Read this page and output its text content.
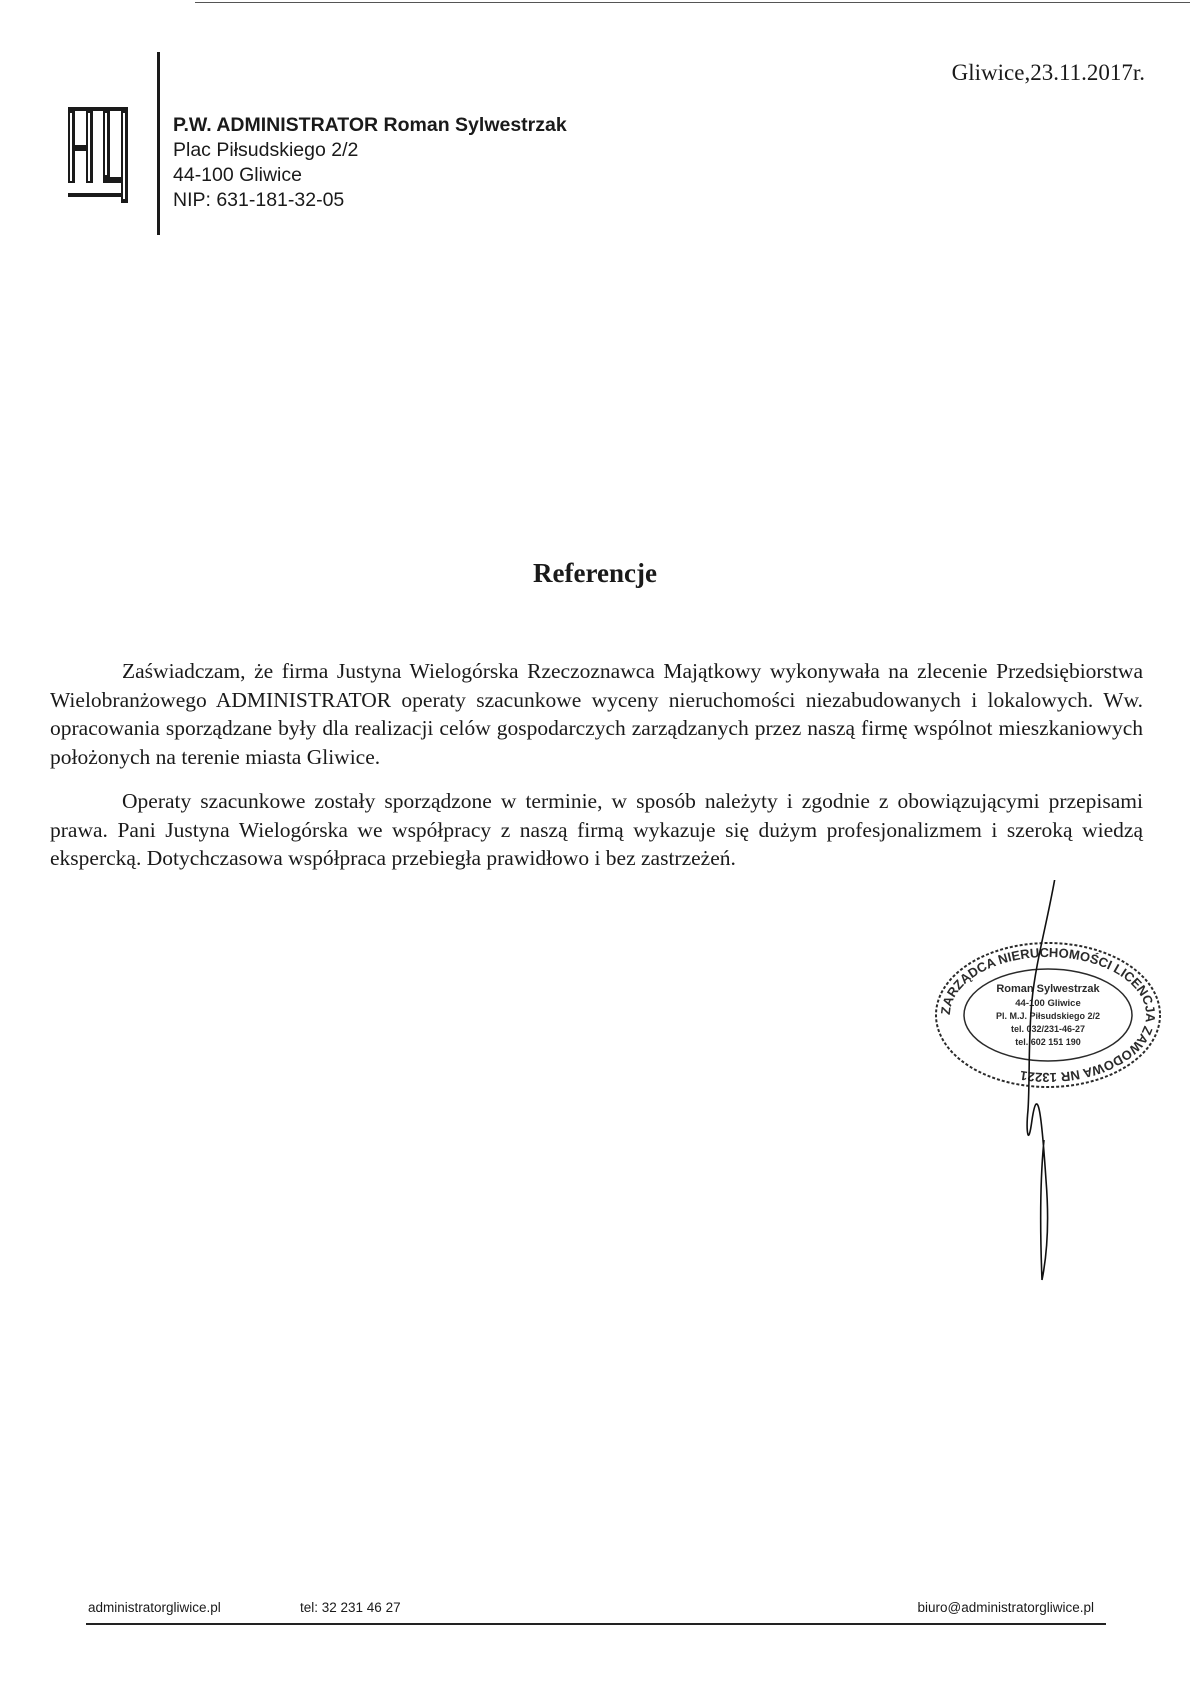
Gliwice,23.11.2017r.
P.W. ADMINISTRATOR Roman Sylwestrzak
Plac Piłsudskiego 2/2
44-100 Gliwice
NIP: 631-181-32-05
Referencje

Zaświadczam, że firma Justyna Wielogórska Rzeczoznawca Majątkowy wykonywała na zlecenie Przedsiębiorstwa Wielobranżowego ADMINISTRATOR operaty szacunkowe wyceny nieruchomości niezabudowanych i lokalowych. Ww. opracowania sporządzane były dla realizacji celów gospodarczych zarządzanych przez naszą firmę wspólnot mieszkaniowych położonych na terenie miasta Gliwice.

Operaty szacunkowe zostały sporządzone w terminie, w sposób należyty i zgodnie z obowiązującymi przepisami prawa. Pani Justyna Wielogórska we współpracy z naszą firmą wykazuje się dużym profesjonalizmem i szeroką wiedzą ekspercką. Dotychczasowa współpraca przebiegła prawidłowo i bez zastrzeżeń.

ZARZĄDCA NIERUCHOMOŚCI LICENCJA ZAWODOWA NR 13221
Roman Sylwestrzak
44-100 Gliwice
Pl. M.J. Piłsudskiego 2/2
tel. 032/231-46-27
tel. 602 151 190
administratorgliwice.pl	tel: 32 231 46 27	biuro@administratorgliwice.pl
